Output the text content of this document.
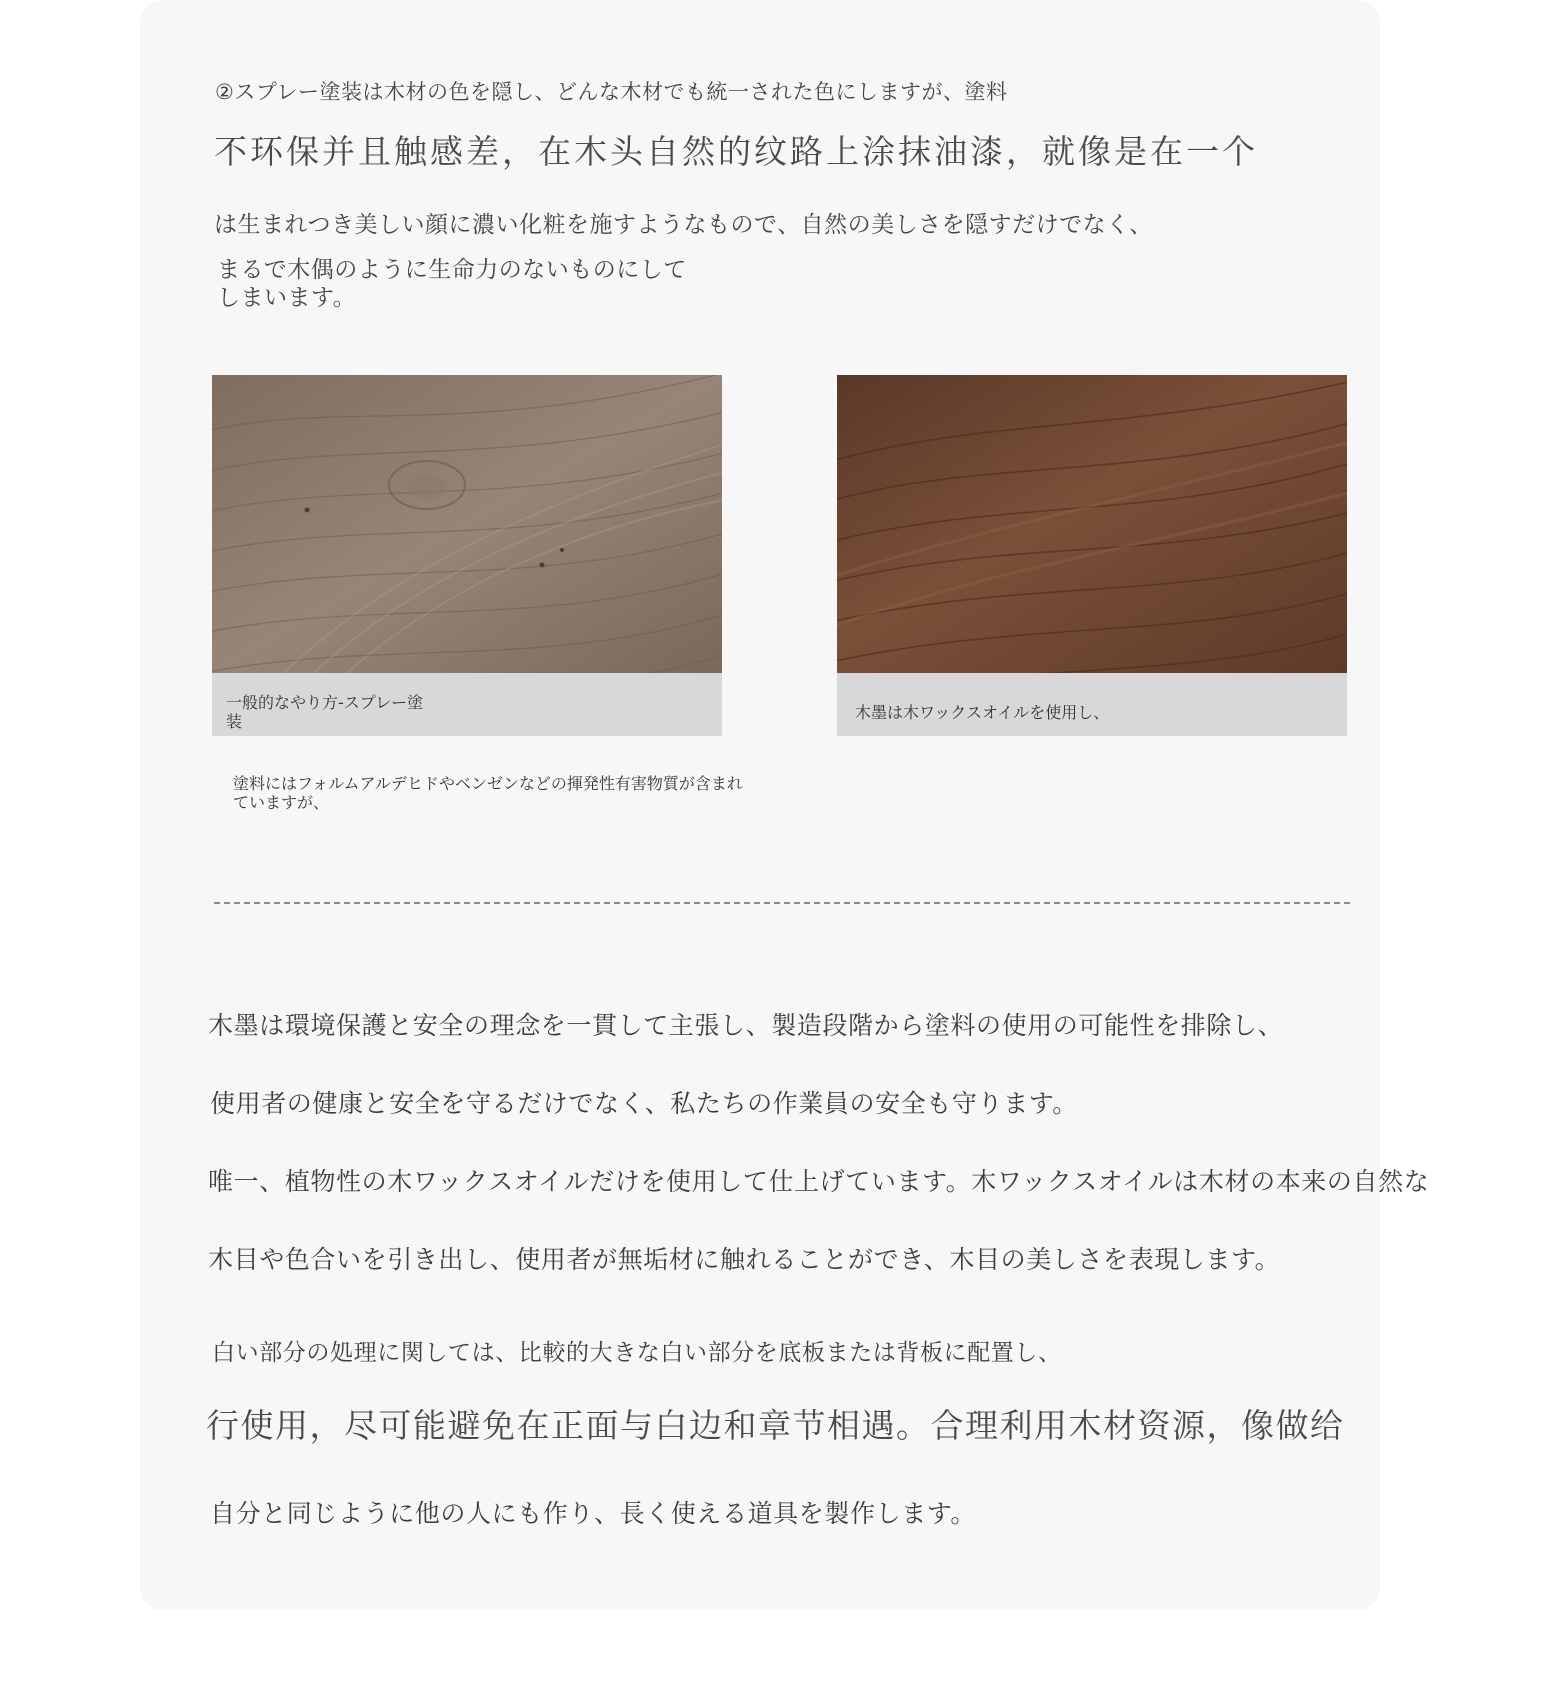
②スプレー塗装は木材の色を隠し、どんな木材でも統一された色にしますが、塗料
不环保并且触感差，在木头自然的纹路上涂抹油漆，就像是在一个
は生まれつき美しい顔に濃い化粧を施すようなもので、自然の美しさを隠すだけでなく、
まるで木偶のように生命力のないものにしてしまいます。
一般的なやり方-スプレー塗装	木墨は木ワックスオイルを使用し、
塗料にはフォルムアルデヒドやベンゼンなどの揮発性有害物質が含まれていますが、
木墨は環境保護と安全の理念を一貫して主張し、製造段階から塗料の使用の可能性を排除し、
使用者の健康と安全を守るだけでなく、私たちの作業員の安全も守ります。
唯一、植物性の木ワックスオイルだけを使用して仕上げています。木ワックスオイルは木材の本来の自然な
木目や色合いを引き出し、使用者が無垢材に触れることができ、木目の美しさを表現します。
白い部分の処理に関しては、比較的大きな白い部分を底板または背板に配置し、
行使用，尽可能避免在正面与白边和章节相遇。合理利用木材资源，像做给
自分と同じように他の人にも作り、長く使える道具を製作します。
